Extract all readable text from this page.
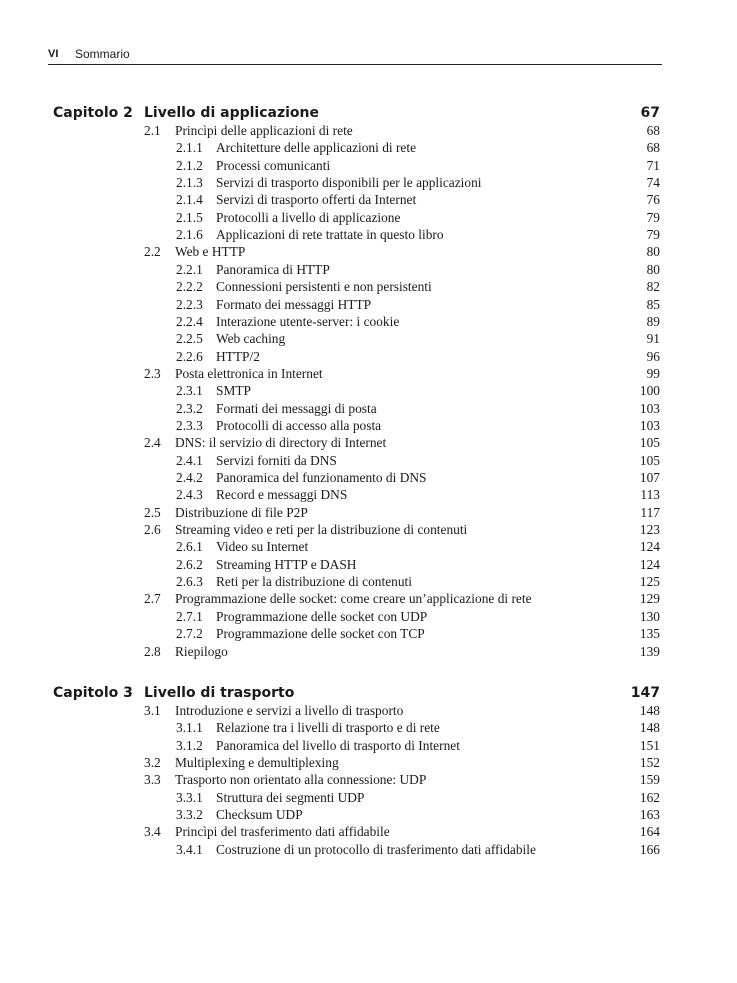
VI Sommario
Capitolo 2 Livello di applicazione	67
2.1 Princìpi delle applicazioni di rete	68
2.1.1 Architetture delle applicazioni di rete	68
2.1.2 Processi comunicanti	71
2.1.3 Servizi di trasporto disponibili per le applicazioni	74
2.1.4 Servizi di trasporto offerti da Internet	76
2.1.5 Protocolli a livello di applicazione	79
2.1.6 Applicazioni di rete trattate in questo libro	79
2.2 Web e HTTP	80
2.2.1 Panoramica di HTTP	80
2.2.2 Connessioni persistenti e non persistenti	82
2.2.3 Formato dei messaggi HTTP	85
2.2.4 Interazione utente-server: i cookie	89
2.2.5 Web caching	91
2.2.6 HTTP/2	96
2.3 Posta elettronica in Internet	99
2.3.1 SMTP	100
2.3.2 Formati dei messaggi di posta	103
2.3.3 Protocolli di accesso alla posta	103
2.4 DNS: il servizio di directory di Internet	105
2.4.1 Servizi forniti da DNS	105
2.4.2 Panoramica del funzionamento di DNS	107
2.4.3 Record e messaggi DNS	113
2.5 Distribuzione di file P2P	117
2.6 Streaming video e reti per la distribuzione di contenuti	123
2.6.1 Video su Internet	124
2.6.2 Streaming HTTP e DASH	124
2.6.3 Reti per la distribuzione di contenuti	125
2.7 Programmazione delle socket: come creare un’applicazione di rete	129
2.7.1 Programmazione delle socket con UDP	130
2.7.2 Programmazione delle socket con TCP	135
2.8 Riepilogo	139
Capitolo 3 Livello di trasporto	147
3.1 Introduzione e servizi a livello di trasporto	148
3.1.1 Relazione tra i livelli di trasporto e di rete	148
3.1.2 Panoramica del livello di trasporto di Internet	151
3.2 Multiplexing e demultiplexing	152
3.3 Trasporto non orientato alla connessione: UDP	159
3.3.1 Struttura dei segmenti UDP	162
3.3.2 Checksum UDP	163
3.4 Princìpi del trasferimento dati affidabile	164
3.4.1 Costruzione di un protocollo di trasferimento dati affidabile	166
